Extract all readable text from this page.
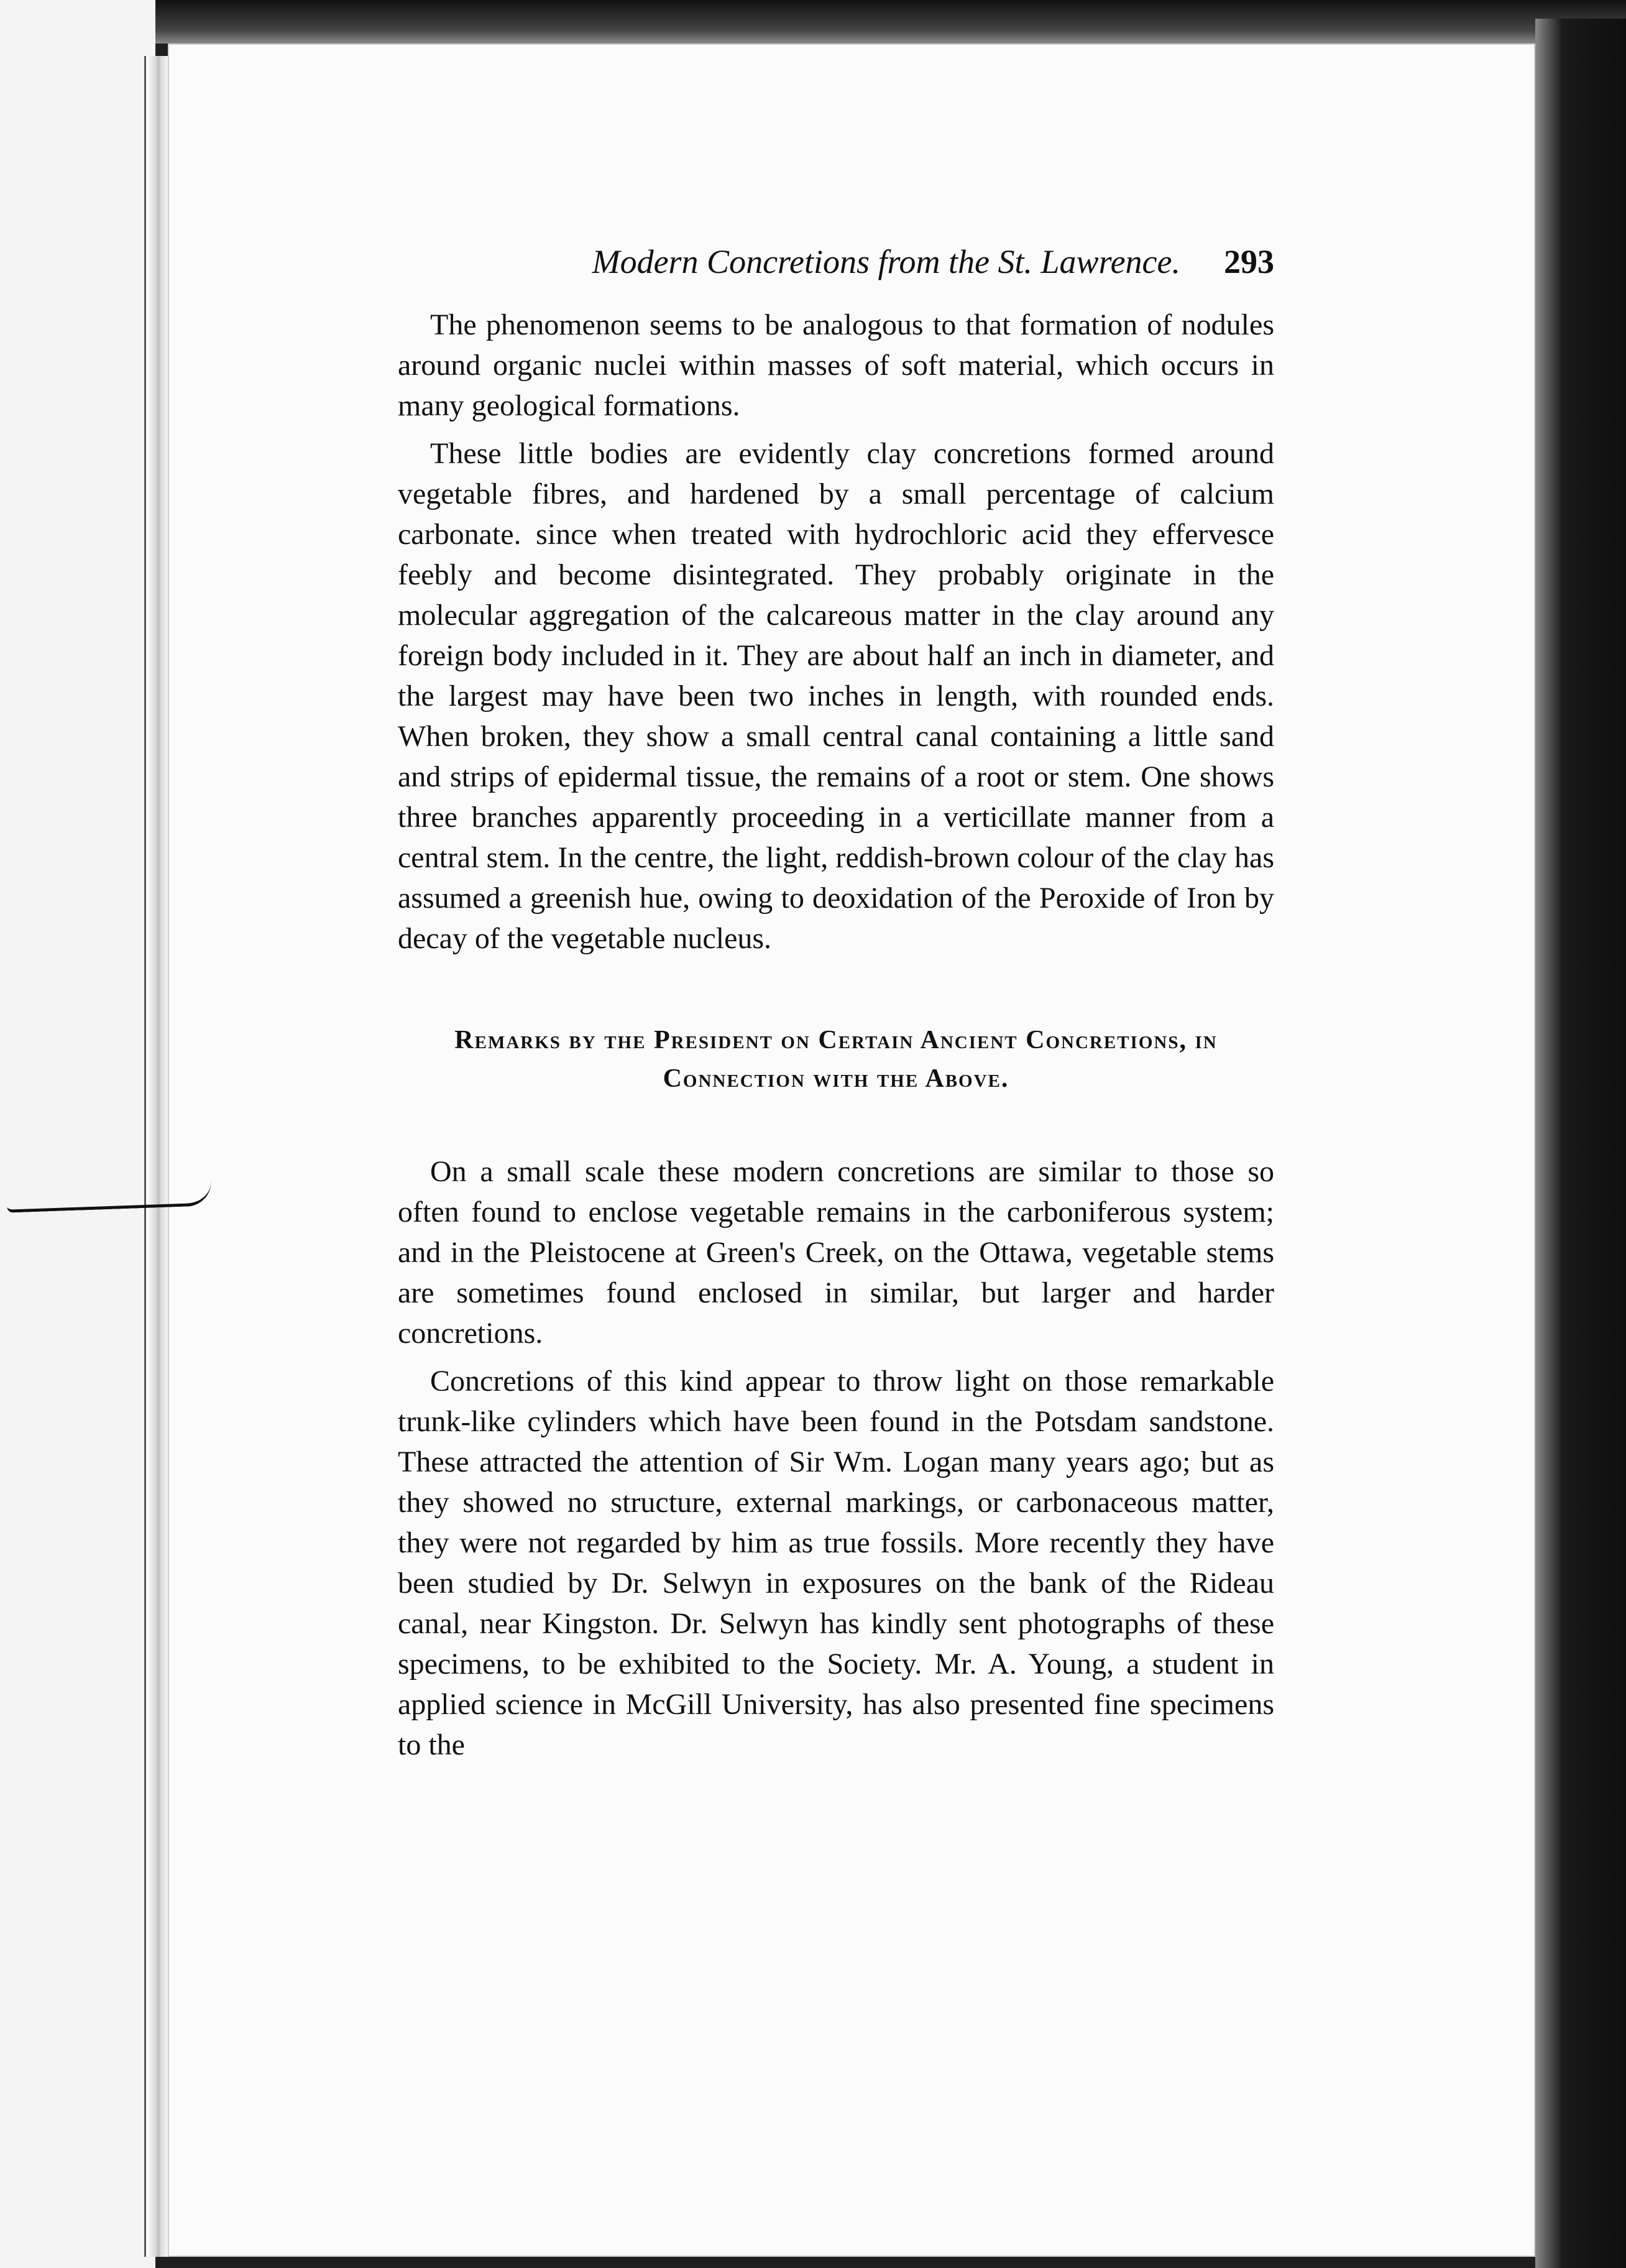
Modern Concretions from the St. Lawrence. 293

The phenomenon seems to be analogous to that formation of nodules around organic nuclei within masses of soft material, which occurs in many geological formations.

These little bodies are evidently clay concretions formed around vegetable fibres, and hardened by a small percentage of calcium carbonate. since when treated with hydrochloric acid they effervesce feebly and become disintegrated. They probably originate in the molecular aggregation of the calcareous matter in the clay around any foreign body included in it. They are about half an inch in diameter, and the largest may have been two inches in length, with rounded ends. When broken, they show a small central canal containing a little sand and strips of epidermal tissue, the remains of a root or stem. One shows three branches apparently proceeding in a verticillate manner from a central stem. In the centre, the light, reddish-brown colour of the clay has assumed a greenish hue, owing to deoxidation of the Peroxide of Iron by decay of the vegetable nucleus.

Remarks by the President on Certain Ancient Concretions, in Connection with the Above.

On a small scale these modern concretions are similar to those so often found to enclose vegetable remains in the carboniferous system; and in the Pleistocene at Green's Creek, on the Ottawa, vegetable stems are sometimes found enclosed in similar, but larger and harder concretions.

Concretions of this kind appear to throw light on those remarkable trunk-like cylinders which have been found in the Potsdam sandstone. These attracted the attention of Sir Wm. Logan many years ago; but as they showed no structure, external markings, or carbonaceous matter, they were not regarded by him as true fossils. More recently they have been studied by Dr. Selwyn in exposures on the bank of the Rideau canal, near Kingston. Dr. Selwyn has kindly sent photographs of these specimens, to be exhibited to the Society. Mr. A. Young, a student in applied science in McGill University, has also presented fine specimens to the
